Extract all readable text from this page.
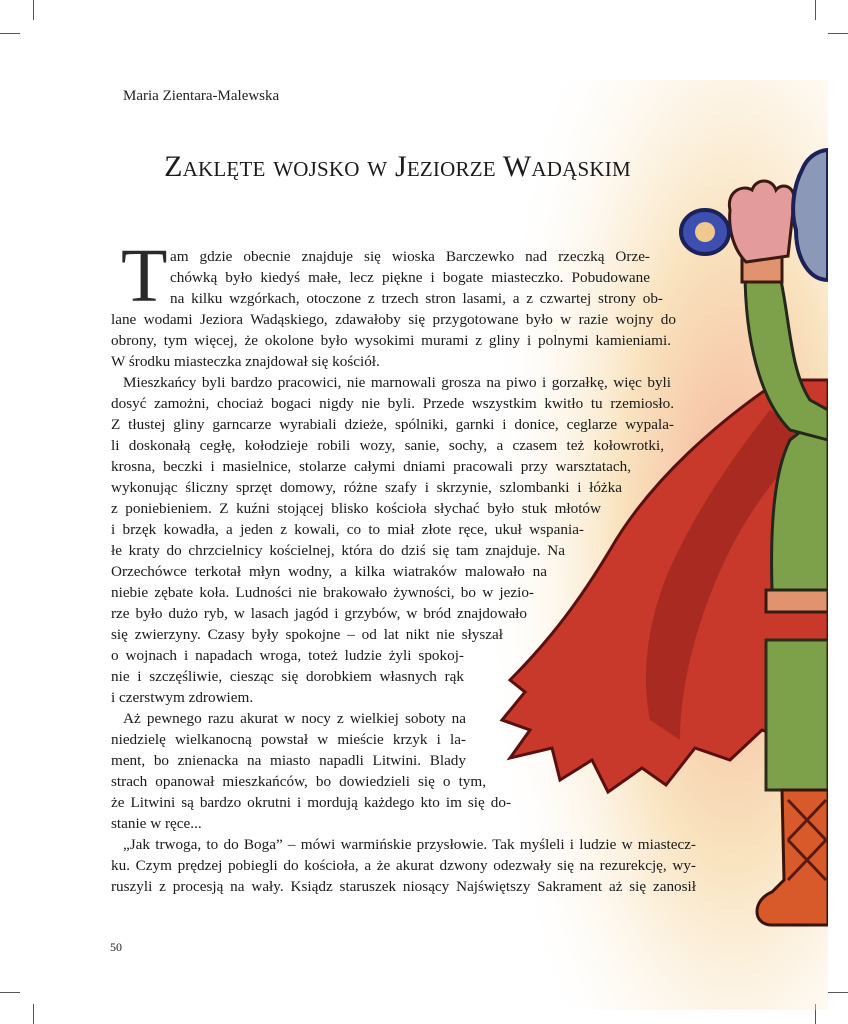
Maria Zientara-Malewska
Zaklęte wojsko w Jeziorze Wadąskim
T am gdzie obecnie znajduje się wioska Barczewko nad rzeczką Orze-
chówką było kiedyś małe, lecz piękne i bogate miasteczko. Pobudowane
na kilku wzgórkach, otoczone z trzech stron lasami, a z czwartej strony ob-
lane wodami Jeziora Wadąskiego, zdawałoby się przygotowane było w razie wojny do
obrony, tym więcej, że okolone było wysokimi murami z gliny i polnymi kamieniami.
W środku miasteczka znajdował się kościół.
Mieszkańcy byli bardzo pracowici, nie marnowali grosza na piwo i gorzałkę, więc byli
dosyć zamożni, chociaż bogaci nigdy nie byli. Przede wszystkim kwitło tu rzemiosło.
Z tłustej gliny garncarze wyrabiali dzieże, spólniki, garnki i donice, ceglarze wypala-
li doskonałą cegłę, kołodzieje robili wozy, sanie, sochy, a czasem też kołowrotki,
krosna, beczki i masielnice, stolarze całymi dniami pracowali przy warsztatach,
wykonując śliczny sprzęt domowy, różne szafy i skrzynie, szlombanki i łóżka
z poniebieniem. Z kuźni stojącej blisko kościoła słychać było stuk młotów
i brzęk kowadła, a jeden z kowali, co to miał złote ręce, ukuł wspania-
łe kraty do chrzcielnicy kościelnej, która do dziś się tam znajduje. Na
Orzechówce terkotał młyn wodny, a kilka wiatraków malowało na
niebie zębate koła. Ludności nie brakowało żywności, bo w jezio-
rze było dużo ryb, w lasach jagód i grzybów, w bród znajdowało
się zwierzyny. Czasy były spokojne – od lat nikt nie słyszał
o wojnach i napadach wroga, toteż ludzie żyli spokoj-
nie i szczęśliwie, ciesząc się dorobkiem własnych rąk
i czerstwym zdrowiem.
Aż pewnego razu akurat w nocy z wielkiej soboty na
niedzielę wielkanocną powstał w mieście krzyk i la-
ment, bo znienacka na miasto napadli Litwini. Blady
strach opanował mieszkańców, bo dowiedzieli się o tym,
że Litwini są bardzo okrutni i mordują każdego kto im się do-
stanie w ręce...
„Jak trwoga, to do Boga” – mówi warmińskie przysłowie. Tak myśleli i ludzie w miastecz-
ku. Czym prędzej pobiegli do kościoła, a że akurat dzwony odezwały się na rezurekcję, wy-
ruszyli z procesją na wały. Ksiądz staruszek niosący Najświętszy Sakrament aż się zanosił
50
